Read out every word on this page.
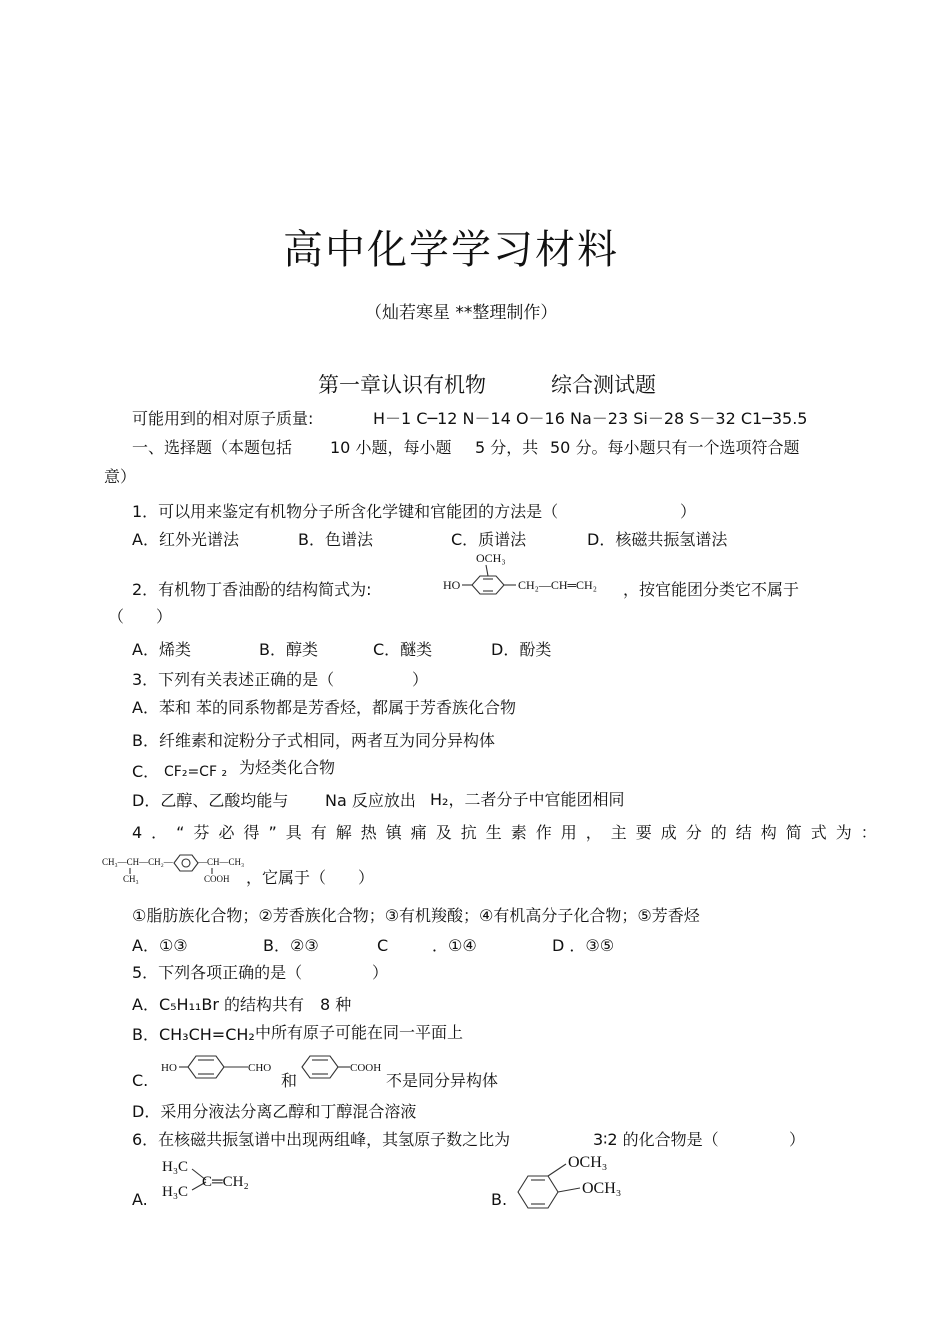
高中化学学习材料
（灿若寒星 **整理制作）
第一章认识有机物	综合测试题
可能用到的相对原子质量:	H－1 C─12 N－14 O－16 Na－23 Si－28 S－32 C1─35.5
一、选择题（本题包括 10 小题，每小题 5 分，共 50 分。每小题只有一个选项符合题
意）
1．可以用来鉴定有机物分子所含化学键和官能团的方法是（	）
A．红外光谱法	B．色谱法	C．质谱法	D．核磁共振氢谱法
2．有机物丁香油酚的结构简式为:
OCH₃
HO	CH₂—CH═CH₂ ，按官能团分类它不属于
（　　）
A．烯类	B．醇类	C．醚类	D．酚类
3．下列有关表述正确的是（	）
A．苯和 苯的同系物都是芳香烃，都属于芳香族化合物
B．纤维素和淀粉分子式相同，两者互为同分异构体
C． CF₂=CF ₂ 为烃类化合物
D．乙醇、乙酸均能与 Na 反应放出 H₂，二者分子中官能团相同
4．“芬必得”具有解热镇痛及抗生素作用，主要成分的结构简式为：
CH₃—CH—CH₂—
CH₃
—CH—CH₃
COOH ，它属于（　　）
①脂肪族化合物；②芳香族化合物；③有机羧酸；④有机高分子化合物；⑤芳香烃
A．①③	B．②③	C	．①④	D ．③⑤
5．下列各项正确的是（	）
A．C₅H₁₁Br 的结构共有　8 种
B．CH₃CH=CH₂ 中所有原子可能在同一平面上
C.
HO	CHO
和
COOH
不是同分异构体
D．采用分液法分离乙醇和丁醇混合溶液
6．在核磁共振氢谱中出现两组峰，其氢原子数之比为	3∶2 的化合物是（	）
A.
H₃C
H₃C
C═CH₂
B.
OCH₃
OCH₃
